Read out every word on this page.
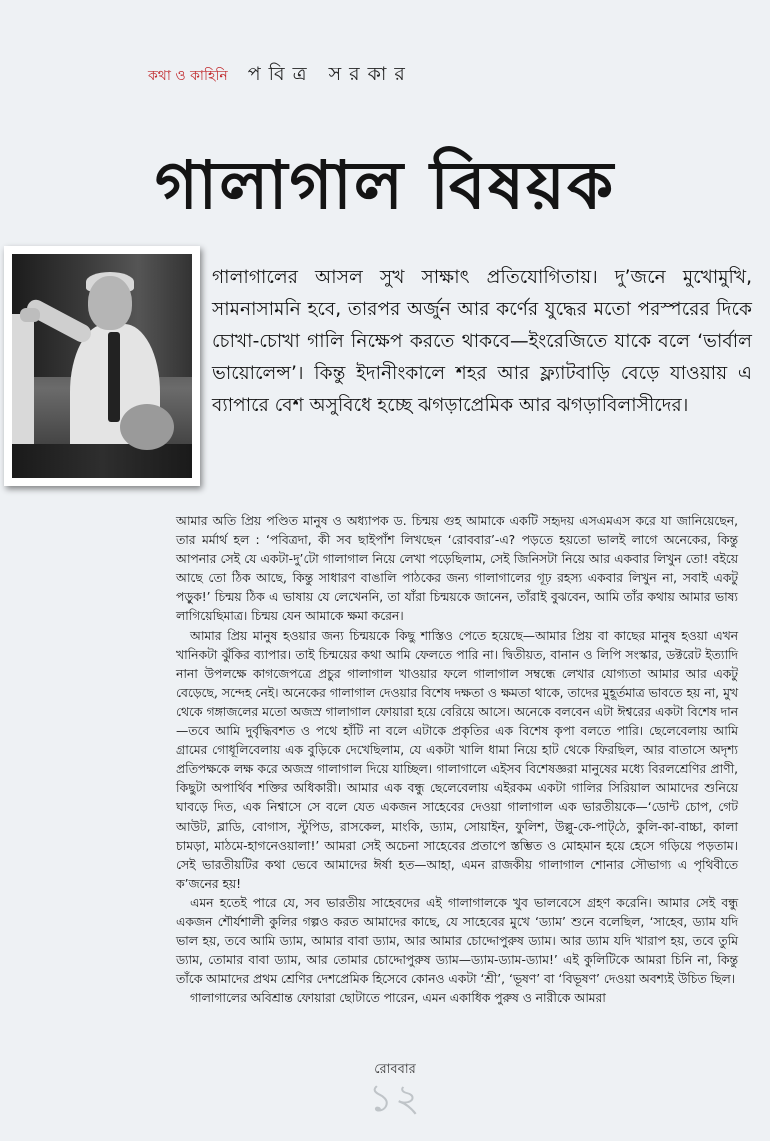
কথা ও কাহিনি পবিত্র সরকার
গালাগাল বিষয়ক
গালাগালের আসল সুখ সাক্ষাৎ প্রতিযোগিতায়। দু’জনে মুখোমুখি, সামনাসামনি হবে, তারপর অর্জুন আর কর্ণের যুদ্ধের মতো পরস্পরের দিকে চোখা-চোখা গালি নিক্ষেপ করতে থাকবে—ইংরেজিতে যাকে বলে ‘ভার্বাল ভায়োলেন্স’। কিন্তু ইদানীংকালে শহর আর ফ্ল্যাটবাড়ি বেড়ে যাওয়ায় এ ব্যাপারে বেশ অসুবিধে হচ্ছে ঝগড়াপ্রেমিক আর ঝগড়াবিলাসীদের।

আমার অতি প্রিয় পণ্ডিত মানুষ ও অধ্যাপক ড. চিন্ময় গুহ আমাকে একটি সহৃদয় এসএমএস করে যা জানিয়েছেন, তার মর্মার্থ হল : ‘পবিত্রদা, কী সব ছাইপাঁশ লিখছেন ‘রোববার’-এ? পড়তে হয়তো ভালই লাগে অনেকের, কিন্তু আপনার সেই যে একটা-দু’টো গালাগাল নিয়ে লেখা পড়েছিলাম, সেই জিনিসটা নিয়ে আর একবার লিখুন তো! বইয়ে আছে তো ঠিক আছে, কিন্তু সাধারণ বাঙালি পাঠকের জন্য গালাগালের গূঢ় রহস্য একবার লিখুন না, সবাই একটু পড়ুক!’ চিন্ময় ঠিক এ ভাষায় যে লেখেননি, তা যাঁরা চিন্ময়কে জানেন, তাঁরাই বুঝবেন, আমি তাঁর কথায় আমার ভাষ্য লাগিয়েছিমাত্র। চিন্ময় যেন আমাকে ক্ষমা করেন।

আমার প্রিয় মানুষ হওয়ার জন্য চিন্ময়কে কিছু শাস্তিও পেতে হয়েছে—আমার প্রিয় বা কাছের মানুষ হওয়া এখন খানিকটা ঝুঁকির ব্যাপার। তাই চিন্ময়ের কথা আমি ফেলতে পারি না। দ্বিতীয়ত, বানান ও লিপি সংস্কার, ডক্টরেট ইত্যাদি নানা উপলক্ষে কাগজেপত্রে প্রচুর গালাগাল খাওয়ার ফলে গালাগাল সম্বন্ধে লেখার যোগ্যতা আমার আর একটু বেড়েছে, সন্দেহ নেই। অনেকের গালাগাল দেওয়ার বিশেষ দক্ষতা ও ক্ষমতা থাকে, তাদের মুহূর্তমাত্র ভাবতে হয় না, মুখ থেকে গঙ্গাজলের মতো অজস্র গালাগাল ফোয়ারা হয়ে বেরিয়ে আসে। অনেকে বলবেন এটা ঈশ্বরের একটা বিশেষ দান—তবে আমি দুর্বৃদ্ধিবশত ও পথে হাঁটি না বলে এটাকে প্রকৃতির এক বিশেষ কৃপা বলতে পারি। ছেলেবেলায় আমি গ্রামের গোধূলিবেলায় এক বুড়িকে দেখেছিলাম, যে একটা খালি ধামা নিয়ে হাট থেকে ফিরছিল, আর বাতাসে অদৃশ্য প্রতিপক্ষকে লক্ষ করে অজস্র গালাগাল দিয়ে যাচ্ছিল। গালাগালে এইসব বিশেষজ্ঞরা মানুষের মধ্যে বিরলশ্রেণির প্রাণী, কিছুটা অপার্থিব শক্তির অধিকারী। আমার এক বন্ধু ছেলেবেলায় এইরকম একটা গালির সিরিয়াল আমাদের শুনিয়ে ঘাবড়ে দিত, এক নিশ্বাসে সে বলে যেত একজন সাহেবের দেওয়া গালাগাল এক ভারতীয়কে—‘ডোন্ট চোপ, গেট আউট, ব্লাডি, বোগাস, স্টুপিড, রাসকেল, মাংকি, ড্যাম, সোয়াইন, ফুলিশ, উল্লু-কে-পাট্‌ঠে, কুলি-কা-বাচ্চা, কালা চামড়া, মাঠমে-হাগনেওয়ালা!’ আমরা সেই অচেনা সাহেবের প্রতাপে স্তম্ভিত ও মোহমান হয়ে হেসে গড়িয়ে পড়তাম। সেই ভারতীয়টির কথা ভেবে আমাদের ঈর্ষা হত—আহা, এমন রাজকীয় গালাগাল শোনার সৌভাগ্য এ পৃথিবীতে ক’জনের হয়!

এমন হতেই পারে যে, সব ভারতীয় সাহেবদের এই গালাগালকে খুব ভালবেসে গ্রহণ করেনি। আমার সেই বন্ধু একজন শৌর্যশালী কুলির গল্পও করত আমাদের কাছে, যে সাহেবের মুখে ‘ড্যাম’ শুনে বলেছিল, ‘সাহেব, ড্যাম যদি ভাল হয়, তবে আমি ড্যাম, আমার বাবা ড্যাম, আর আমার চোদ্দোপুরুষ ড্যাম। আর ড্যাম যদি খারাপ হয়, তবে তুমি ড্যাম, তোমার বাবা ড্যাম, আর তোমার চোদ্দোপুরুষ ড্যাম—ড্যাম-ড্যাম-ড্যাম!’ এই কুলিটিকে আমরা চিনি না, কিন্তু তাঁকে আমাদের প্রথম শ্রেণির দেশপ্রেমিক হিসেবে কোনও একটা ‘শ্রী’, ‘ভূষণ’ বা ‘বিভূষণ’ দেওয়া অবশ্যই উচিত ছিল।

গালাগালের অবিশ্রান্ত ফোয়ারা ছোটাতে পারেন, এমন একাধিক পুরুষ ও নারীকে আমরা

রোববার
১২
